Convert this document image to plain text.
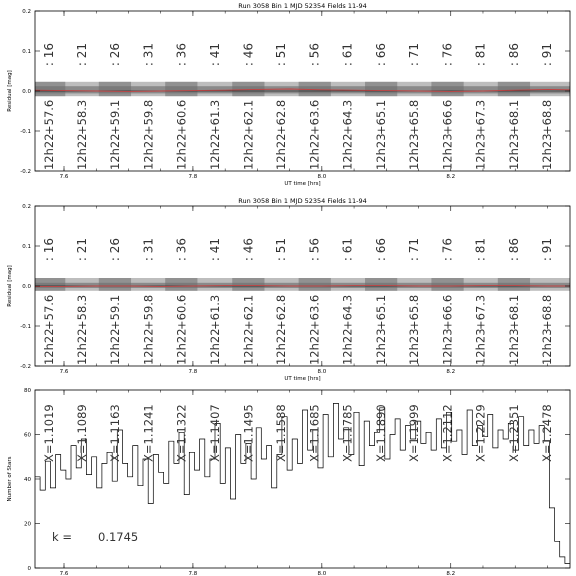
7.6	7.8	8.0	8.2
0.2
0.1
0.0
-0.1
-0.2
UT time [hrs]
Residual [mag]
Run 3058 Bin 1 MJD 52354 Fields 11-94
: 16
+57.6
12h22
: 21
+58.3
12h22
: 26
+59.1
12h22
: 31
+59.8
12h22
: 36
+60.6
12h22
: 41
+61.3
12h22
: 46
+62.1
12h22
: 51
+62.8
12h22
: 56
+63.6
12h22
: 61
+64.3
12h22
: 66
+65.1
12h23
: 71
+65.8
12h23
: 76
+66.6
12h23
: 81
+67.3
12h23
: 86
+68.1
12h23
: 91
+68.8
12h23
7.6	7.8	8.0	8.2
0.2
0.1
0.0
-0.1
-0.2
UT time [hrs]
Residual [mag]
Run 3058 Bin 1 MJD 52354 Fields 11-94
: 16
+57.6
12h22
: 21
+58.3
12h22
: 26
+59.1
12h22
: 31
+59.8
12h22
: 36
+60.6
12h22
: 41
+61.3
12h22
: 46
+62.1
12h22
: 51
+62.8
12h22
: 56
+63.6
12h22
: 61
+64.3
12h22
: 66
+65.1
12h23
: 71
+65.8
12h23
: 76
+66.6
12h23
: 81
+67.3
12h23
: 86
+68.1
12h23
: 91
+68.8
12h23
7.6	7.8	8.0	8.2
80
60
40
20
0
Number of Stars
X=1.1019 X=1.1089 X=1.1163 X=1.1241 X=1.1322 X=1.1407 X=1.1495 X=1.1588 X=1.1685 X=1.1785 X=1.1890 X=1.1999 X=1.2112 X=1.2229 X=1.2351 X=1.2478
k = 0.1745
